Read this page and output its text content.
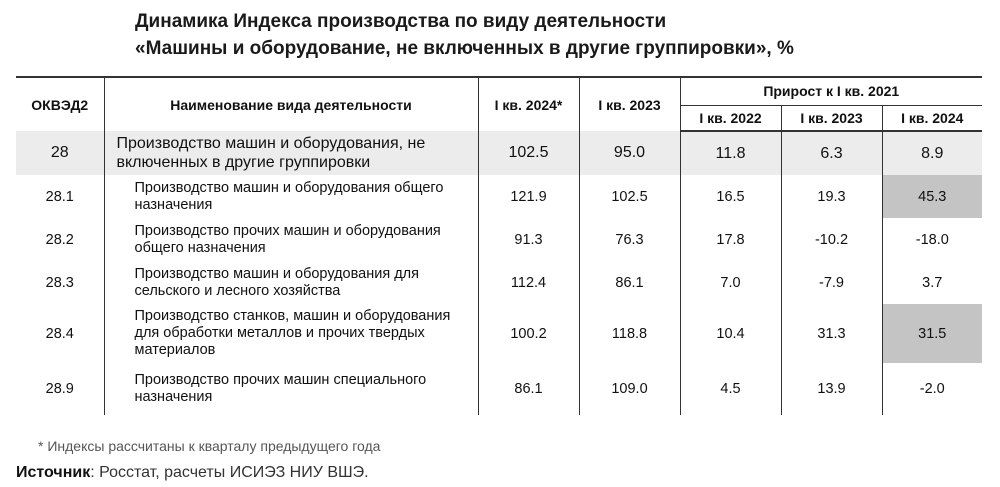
Динамика Индекса производства по виду деятельности
«Машины и оборудование, не включенных в другие группировки», %
ОКВЭД2	Наименование вида деятельности	I кв. 2024*	I кв. 2023	Прирост к I кв. 2021		
				I кв. 2022	I кв. 2023	I кв. 2024
28	Производство машин и оборудования, не включенных в другие группировки	102.5	95.0	11.8	6.3	8.9
28.1	Производство машин и оборудования общего назначения	121.9	102.5	16.5	19.3	45.3
28.2	Производство прочих машин и оборудования общего назначения	91.3	76.3	17.8	-10.2	-18.0
28.3	Производство машин и оборудования для сельского и лесного хозяйства	112.4	86.1	7.0	-7.9	3.7
28.4	Производство станков, машин и оборудования для обработки металлов и прочих твердых материалов	100.2	118.8	10.4	31.3	31.5
28.9	Производство прочих машин специального назначения	86.1	109.0	4.5	13.9	-2.0
* Индексы рассчитаны к кварталу предыдущего года
Источник: Росстат, расчеты ИСИЭЗ НИУ ВШЭ.
